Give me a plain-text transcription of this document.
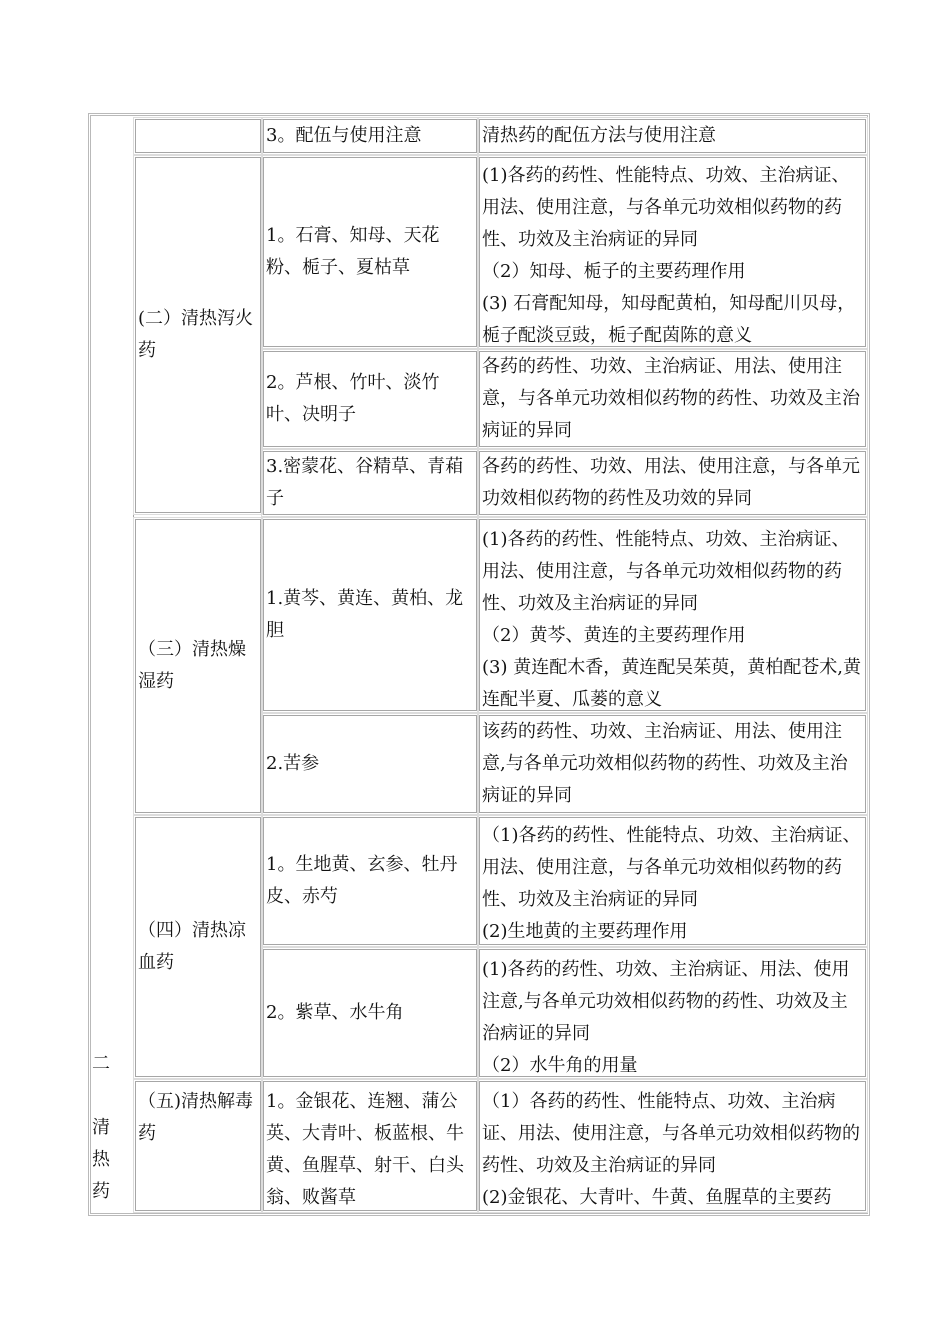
二
清
热
药
3。配伍与使用注意	清热药的配伍方法与使用注意

(二）清热泻火药
1。石膏、知母、天花粉、栀子、夏枯草

(1)各药的药性、性能特点、功效、主治病证、用法、使用注意，与各单元功效相似药物的药性、功效及主治病证的异同

（2）知母、栀子的主要药理作用

(3) 石膏配知母，知母配黄柏，知母配川贝母，栀子配淡豆豉，栀子配茵陈的意义

2。芦根、竹叶、淡竹叶、决明子

各药的药性、功效、主治病证、用法、使用注意，与各单元功效相似药物的药性、功效及主治病证的异同

3.密蒙花、谷精草、青葙子

各药的药性、功效、用法、使用注意，与各单元功效相似药物的药性及功效的异同

（三）清热燥湿药
1.黄芩、黄连、黄柏、龙胆

(1)各药的药性、性能特点、功效、主治病证、用法、使用注意，与各单元功效相似药物的药性、功效及主治病证的异同

（2）黄芩、黄连的主要药理作用

(3) 黄连配木香，黄连配吴茱萸，黄柏配苍术,黄连配半夏、瓜蒌的意义

2.苦参

该药的药性、功效、主治病证、用法、使用注意,与各单元功效相似药物的药性、功效及主治病证的异同

（四）清热凉血药
1。生地黄、玄参、牡丹皮、赤芍

（1)各药的药性、性能特点、功效、主治病证、用法、使用注意，与各单元功效相似药物的药性、功效及主治病证的异同

(2)生地黄的主要药理作用

2。紫草、水牛角

(1)各药的药性、功效、主治病证、用法、使用注意,与各单元功效相似药物的药性、功效及主治病证的异同

（2）水牛角的用量

（五)清热解毒药
1。金银花、连翘、蒲公英、大青叶、板蓝根、牛黄、鱼腥草、射干、白头翁、败酱草

（1）各药的药性、性能特点、功效、主治病证、用法、使用注意，与各单元功效相似药物的药性、功效及主治病证的异同

(2)金银花、大青叶、牛黄、鱼腥草的主要药
